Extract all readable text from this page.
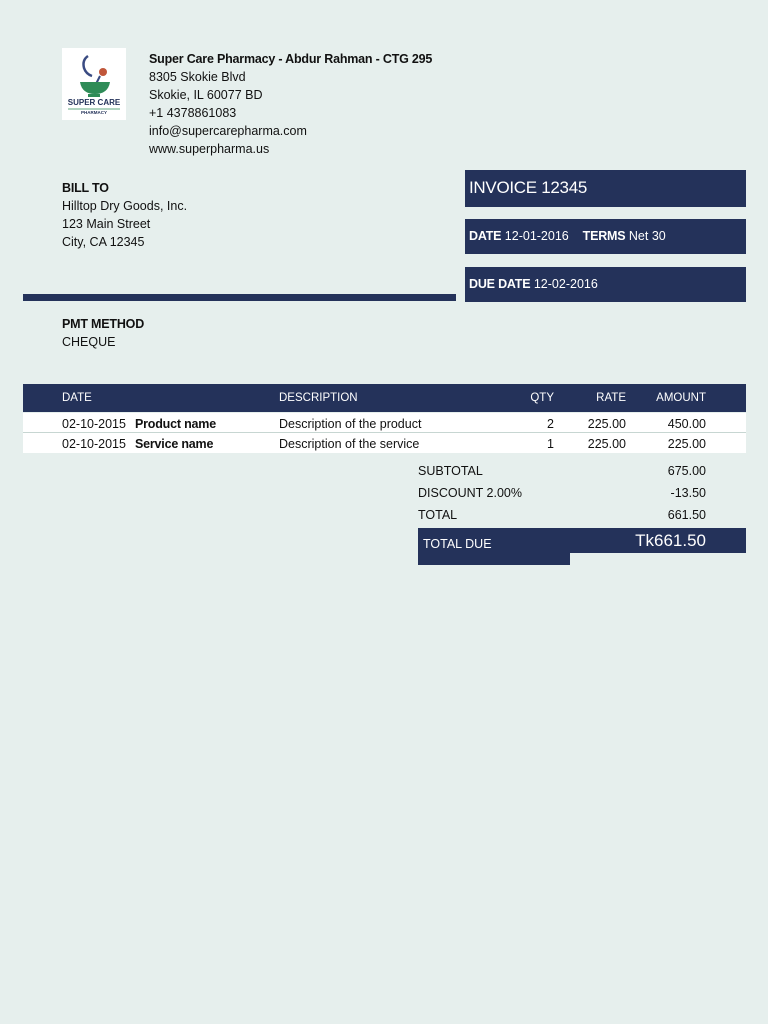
SUPER CARE
PHARMACY
Super Care Pharmacy - Abdur Rahman - CTG 295
8305 Skokie Blvd
Skokie, IL 60077 BD
+1 4378861083
info@supercarepharma.com
www.superpharma.us
BILL TO
Hilltop Dry Goods, Inc.
123 Main Street
City, CA 12345
INVOICE 12345
DATE 12-01-2016 TERMS Net 30
DUE DATE 12-02-2016
PMT METHOD
CHEQUE
DATE	DESCRIPTION	QTY	RATE	AMOUNT
02-10-2015 Product name	Description of the product	2	225.00	450.00
02-10-2015 Service name	Description of the service	1	225.00	225.00
SUBTOTAL	675.00
DISCOUNT 2.00%	-13.50
TOTAL	661.50
TOTAL DUE	Tk661.50
